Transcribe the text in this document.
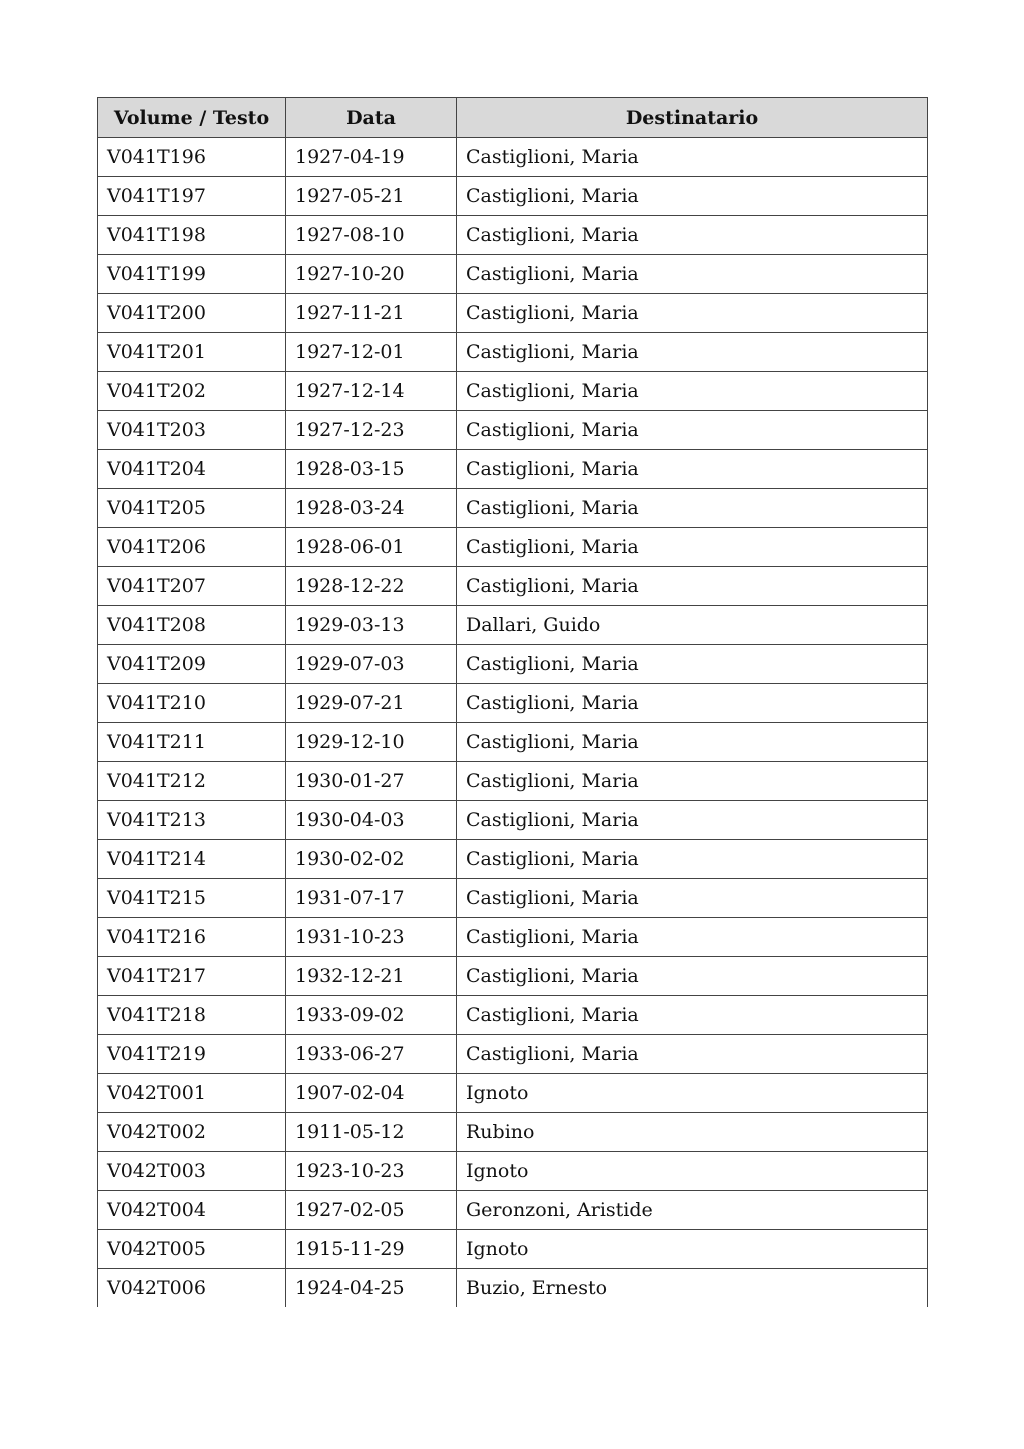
Volume / Testo	Data	Destinatario
V041T196	1927-04-19	Castiglioni, Maria
V041T197	1927-05-21	Castiglioni, Maria
V041T198	1927-08-10	Castiglioni, Maria
V041T199	1927-10-20	Castiglioni, Maria
V041T200	1927-11-21	Castiglioni, Maria
V041T201	1927-12-01	Castiglioni, Maria
V041T202	1927-12-14	Castiglioni, Maria
V041T203	1927-12-23	Castiglioni, Maria
V041T204	1928-03-15	Castiglioni, Maria
V041T205	1928-03-24	Castiglioni, Maria
V041T206	1928-06-01	Castiglioni, Maria
V041T207	1928-12-22	Castiglioni, Maria
V041T208	1929-03-13	Dallari, Guido
V041T209	1929-07-03	Castiglioni, Maria
V041T210	1929-07-21	Castiglioni, Maria
V041T211	1929-12-10	Castiglioni, Maria
V041T212	1930-01-27	Castiglioni, Maria
V041T213	1930-04-03	Castiglioni, Maria
V041T214	1930-02-02	Castiglioni, Maria
V041T215	1931-07-17	Castiglioni, Maria
V041T216	1931-10-23	Castiglioni, Maria
V041T217	1932-12-21	Castiglioni, Maria
V041T218	1933-09-02	Castiglioni, Maria
V041T219	1933-06-27	Castiglioni, Maria
V042T001	1907-02-04	Ignoto
V042T002	1911-05-12	Rubino
V042T003	1923-10-23	Ignoto
V042T004	1927-02-05	Geronzoni, Aristide
V042T005	1915-11-29	Ignoto
V042T006	1924-04-25	Buzio, Ernesto
